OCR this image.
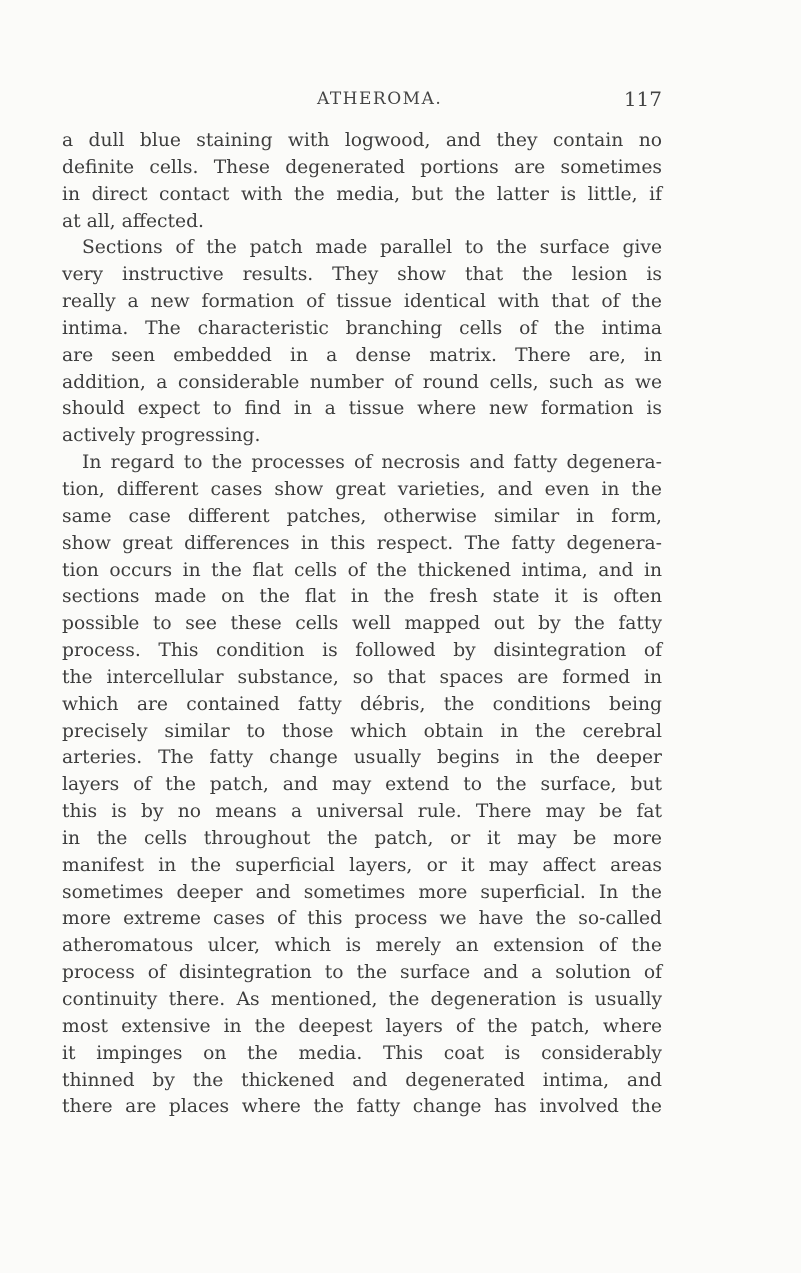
ATHEROMA.	117
a dull blue staining with logwood, and they contain no
definite cells. These degenerated portions are sometimes
in direct contact with the media, but the latter is little, if
at all, affected.
Sections of the patch made parallel to the surface give
very instructive results. They show that the lesion is
really a new formation of tissue identical with that of the
intima. The characteristic branching cells of the intima
are seen embedded in a dense matrix. There are, in
addition, a considerable number of round cells, such as we
should expect to find in a tissue where new formation is
actively progressing.
In regard to the processes of necrosis and fatty degenera-
tion, different cases show great varieties, and even in the
same case different patches, otherwise similar in form,
show great differences in this respect. The fatty degenera-
tion occurs in the flat cells of the thickened intima, and in
sections made on the flat in the fresh state it is often
possible to see these cells well mapped out by the fatty
process. This condition is followed by disintegration of
the intercellular substance, so that spaces are formed in
which are contained fatty débris, the conditions being
precisely similar to those which obtain in the cerebral
arteries. The fatty change usually begins in the deeper
layers of the patch, and may extend to the surface, but
this is by no means a universal rule. There may be fat
in the cells throughout the patch, or it may be more
manifest in the superficial layers, or it may affect areas
sometimes deeper and sometimes more superficial. In the
more extreme cases of this process we have the so-called
atheromatous ulcer, which is merely an extension of the
process of disintegration to the surface and a solution of
continuity there. As mentioned, the degeneration is usually
most extensive in the deepest layers of the patch, where
it impinges on the media. This coat is considerably
thinned by the thickened and degenerated intima, and
there are places where the fatty change has involved the
